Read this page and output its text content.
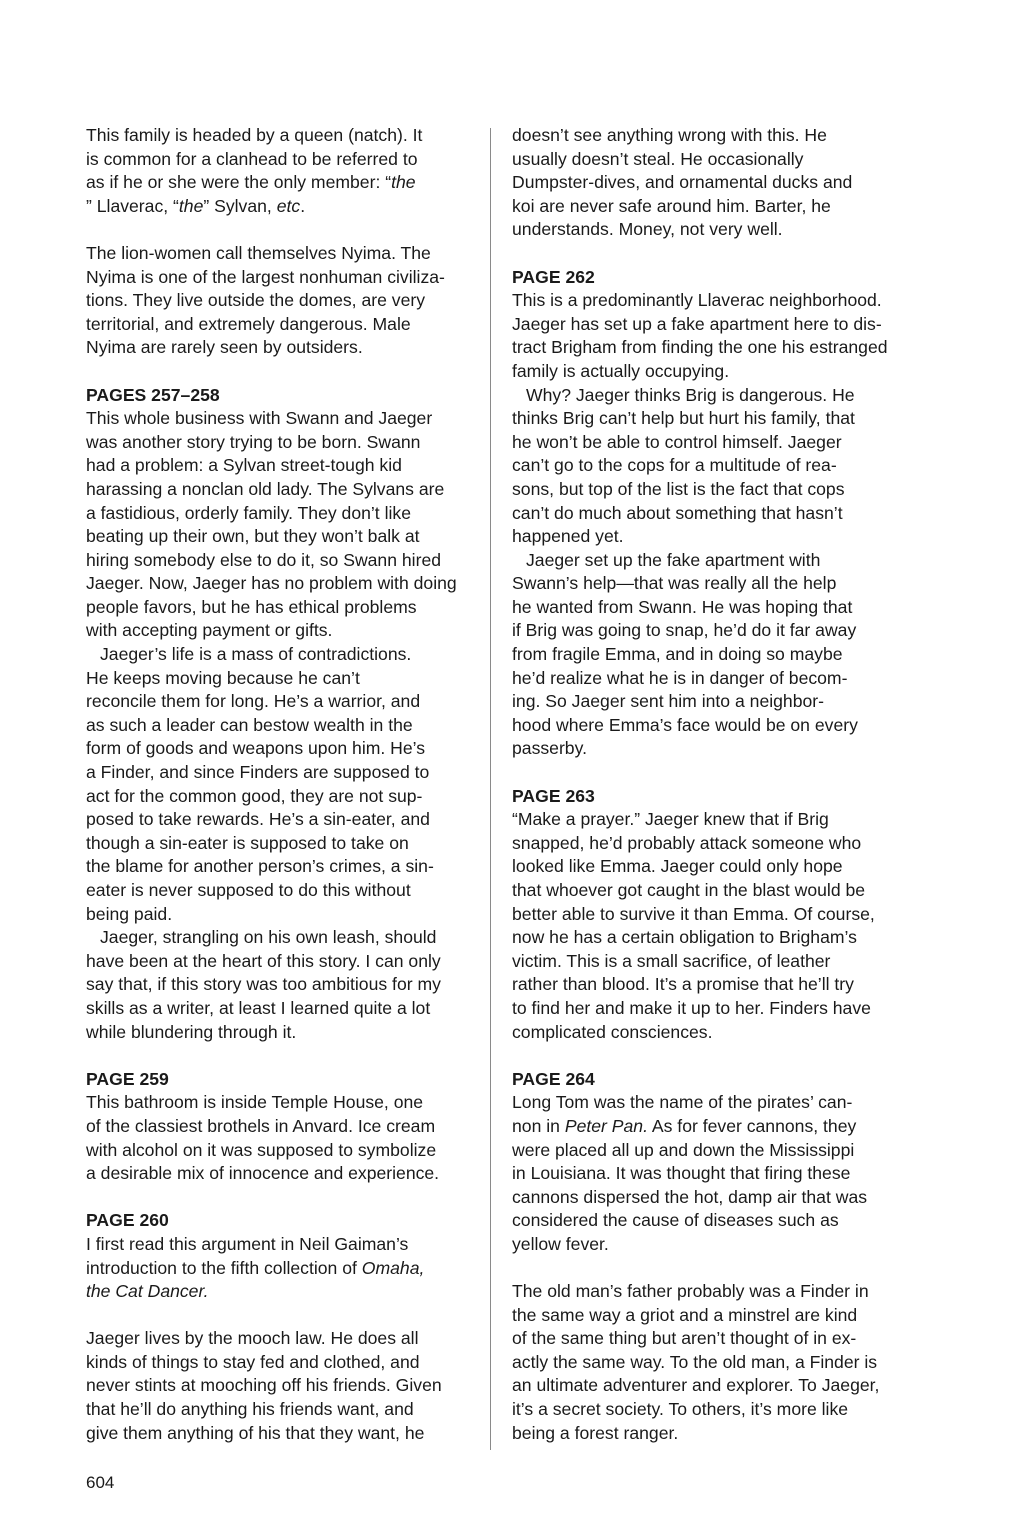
This family is headed by a queen (natch). It
is common for a clanhead to be referred to
as if he or she were the only member: “the
” Llaverac, “the” Sylvan, etc.
The lion-women call themselves Nyima. The
Nyima is one of the largest nonhuman civiliza-
tions. They live outside the domes, are very
territorial, and extremely dangerous. Male
Nyima are rarely seen by outsiders.
PAGES 257–258
This whole business with Swann and Jaeger
was another story trying to be born. Swann
had a problem: a Sylvan street-tough kid
harassing a nonclan old lady. The Sylvans are
a fastidious, orderly family. They don’t like
beating up their own, but they won’t balk at
hiring somebody else to do it, so Swann hired
Jaeger. Now, Jaeger has no problem with doing
people favors, but he has ethical problems
with accepting payment or gifts.
Jaeger’s life is a mass of contradictions.
He keeps moving because he can’t
reconcile them for long. He’s a warrior, and
as such a leader can bestow wealth in the
form of goods and weapons upon him. He’s
a Finder, and since Finders are supposed to
act for the common good, they are not sup-
posed to take rewards. He’s a sin-eater, and
though a sin-eater is supposed to take on
the blame for another person’s crimes, a sin-
eater is never supposed to do this without
being paid.
Jaeger, strangling on his own leash, should
have been at the heart of this story. I can only
say that, if this story was too ambitious for my
skills as a writer, at least I learned quite a lot
while blundering through it.
PAGE 259
This bathroom is inside Temple House, one
of the classiest brothels in Anvard. Ice cream
with alcohol on it was supposed to symbolize
a desirable mix of innocence and experience.
PAGE 260
I first read this argument in Neil Gaiman’s
introduction to the fifth collection of Omaha,
the Cat Dancer.
Jaeger lives by the mooch law. He does all
kinds of things to stay fed and clothed, and
never stints at mooching off his friends. Given
that he’ll do anything his friends want, and
give them anything of his that they want, he
doesn’t see anything wrong with this. He
usually doesn’t steal. He occasionally
Dumpster-dives, and ornamental ducks and
koi are never safe around him. Barter, he
understands. Money, not very well.
PAGE 262
This is a predominantly Llaverac neighborhood.
Jaeger has set up a fake apartment here to dis-
tract Brigham from finding the one his estranged
family is actually occupying.
Why? Jaeger thinks Brig is dangerous. He
thinks Brig can’t help but hurt his family, that
he won’t be able to control himself. Jaeger
can’t go to the cops for a multitude of rea-
sons, but top of the list is the fact that cops
can’t do much about something that hasn’t
happened yet.
Jaeger set up the fake apartment with
Swann’s help—that was really all the help
he wanted from Swann. He was hoping that
if Brig was going to snap, he’d do it far away
from fragile Emma, and in doing so maybe
he’d realize what he is in danger of becom-
ing. So Jaeger sent him into a neighbor-
hood where Emma’s face would be on every
passerby.
PAGE 263
“Make a prayer.” Jaeger knew that if Brig
snapped, he’d probably attack someone who
looked like Emma. Jaeger could only hope
that whoever got caught in the blast would be
better able to survive it than Emma. Of course,
now he has a certain obligation to Brigham’s
victim. This is a small sacrifice, of leather
rather than blood. It’s a promise that he’ll try
to find her and make it up to her. Finders have
complicated consciences.
PAGE 264
Long Tom was the name of the pirates’ can-
non in Peter Pan. As for fever cannons, they
were placed all up and down the Mississippi
in Louisiana. It was thought that firing these
cannons dispersed the hot, damp air that was
considered the cause of diseases such as
yellow fever.
The old man’s father probably was a Finder in
the same way a griot and a minstrel are kind
of the same thing but aren’t thought of in ex-
actly the same way. To the old man, a Finder is
an ultimate adventurer and explorer. To Jaeger,
it’s a secret society. To others, it’s more like
being a forest ranger.
604
